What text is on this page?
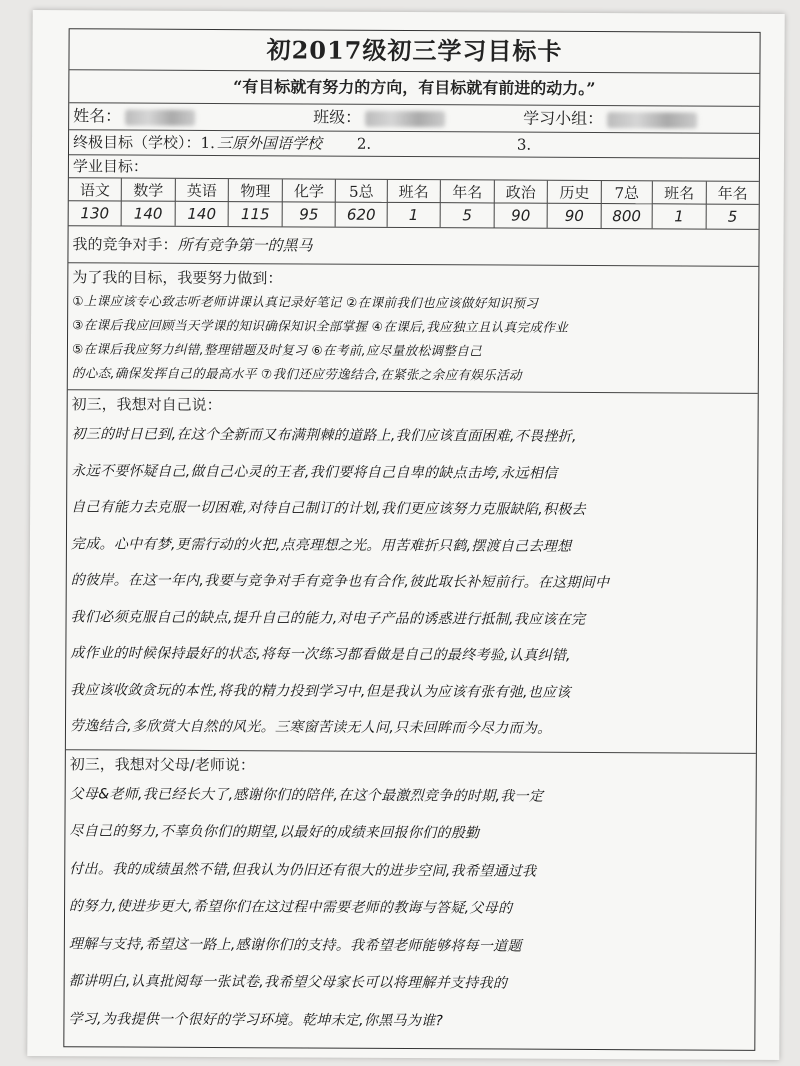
初2017级初三学习目标卡
“有目标就有努力的方向，有目标就有前进的动力。”
姓名：	班级：	学习小组：
终极目标（学校）：1. 三原外国语学校	2.	3.
学业目标：
语文	数学	英语	物理	化学	5总	班名	年名	政治	历史	7总	班名	年名
130	140	140	115	95	620	1	5	90	90	800	1	5
我的竞争对手：所有竞争第一的黑马
为了我的目标，我要努力做到：
①上课应该专心致志听老师讲课认真记录好笔记 ②在课前我们也应该做好知识预习
③在课后我应回顾当天学课的知识确保知识全部掌握 ④在课后,我应独立且认真完成作业
⑤在课后我应努力纠错,整理错题及时复习 ⑥在考前,应尽量放松调整自己
的心态,确保发挥自己的最高水平 ⑦我们还应劳逸结合,在紧张之余应有娱乐活动
初三，我想对自己说：
初三的时日已到,在这个全新而又布满荆棘的道路上,我们应该直面困难,不畏挫折,
永远不要怀疑自己,做自己心灵的王者,我们要将自己自卑的缺点击垮,永远相信
自己有能力去克服一切困难,对待自己制订的计划,我们更应该努力克服缺陷,积极去
完成。心中有梦,更需行动的火把,点亮理想之光。用苦难折只鹤,摆渡自己去理想
的彼岸。在这一年内,我要与竞争对手有竞争也有合作,彼此取长补短前行。在这期间中
我们必须克服自己的缺点,提升自己的能力,对电子产品的诱惑进行抵制,我应该在完
成作业的时候保持最好的状态,将每一次练习都看做是自己的最终考验,认真纠错,
我应该收敛贪玩的本性,将我的精力投到学习中,但是我认为应该有张有弛,也应该
劳逸结合,多欣赏大自然的风光。三寒窗苦读无人问,只未回眸而今尽力而为。
初三，我想对父母/老师说：
父母&老师,我已经长大了,感谢你们的陪伴,在这个最激烈竞争的时期,我一定
尽自己的努力,不辜负你们的期望,以最好的成绩来回报你们的殷勤
付出。我的成绩虽然不错,但我认为仍旧还有很大的进步空间,我希望通过我
的努力,使进步更大,希望你们在这过程中需要老师的教诲与答疑,父母的
理解与支持,希望这一路上,感谢你们的支持。我希望老师能够将每一道题
都讲明白,认真批阅每一张试卷,我希望父母家长可以将理解并支持我的
学习,为我提供一个很好的学习环境。乾坤未定,你黑马为谁?
